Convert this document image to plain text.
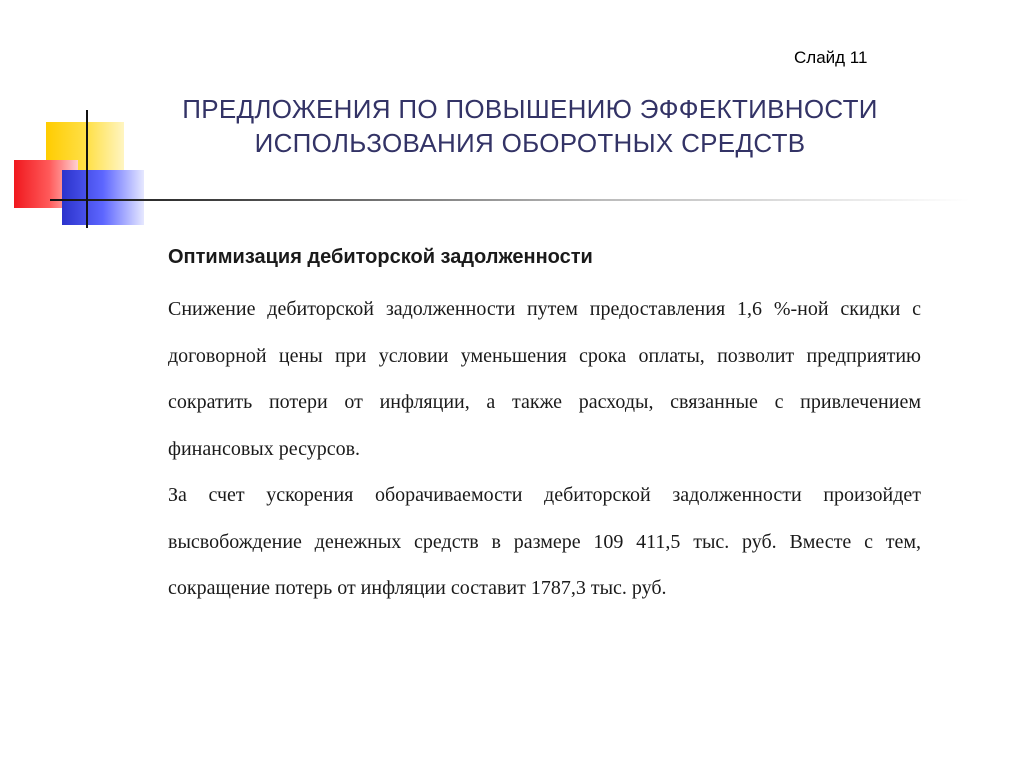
Слайд 11
ПРЕДЛОЖЕНИЯ ПО ПОВЫШЕНИЮ ЭФФЕКТИВНОСТИ
ИСПОЛЬЗОВАНИЯ ОБОРОТНЫХ СРЕДСТВ
Оптимизация дебиторской задолженности

Снижение дебиторской задолженности путем предоставления 1,6 %-ной скидки с договорной цены при условии уменьшения срока оплаты, позволит предприятию сократить потери от инфляции, а также расходы, связанные с привлечением финансовых ресурсов.

За счет ускорения оборачиваемости дебиторской задолженности произойдет высвобождение денежных средств в размере 109 411,5 тыс. руб. Вместе с тем, сокращение потерь от инфляции составит 1787,3 тыс. руб.
